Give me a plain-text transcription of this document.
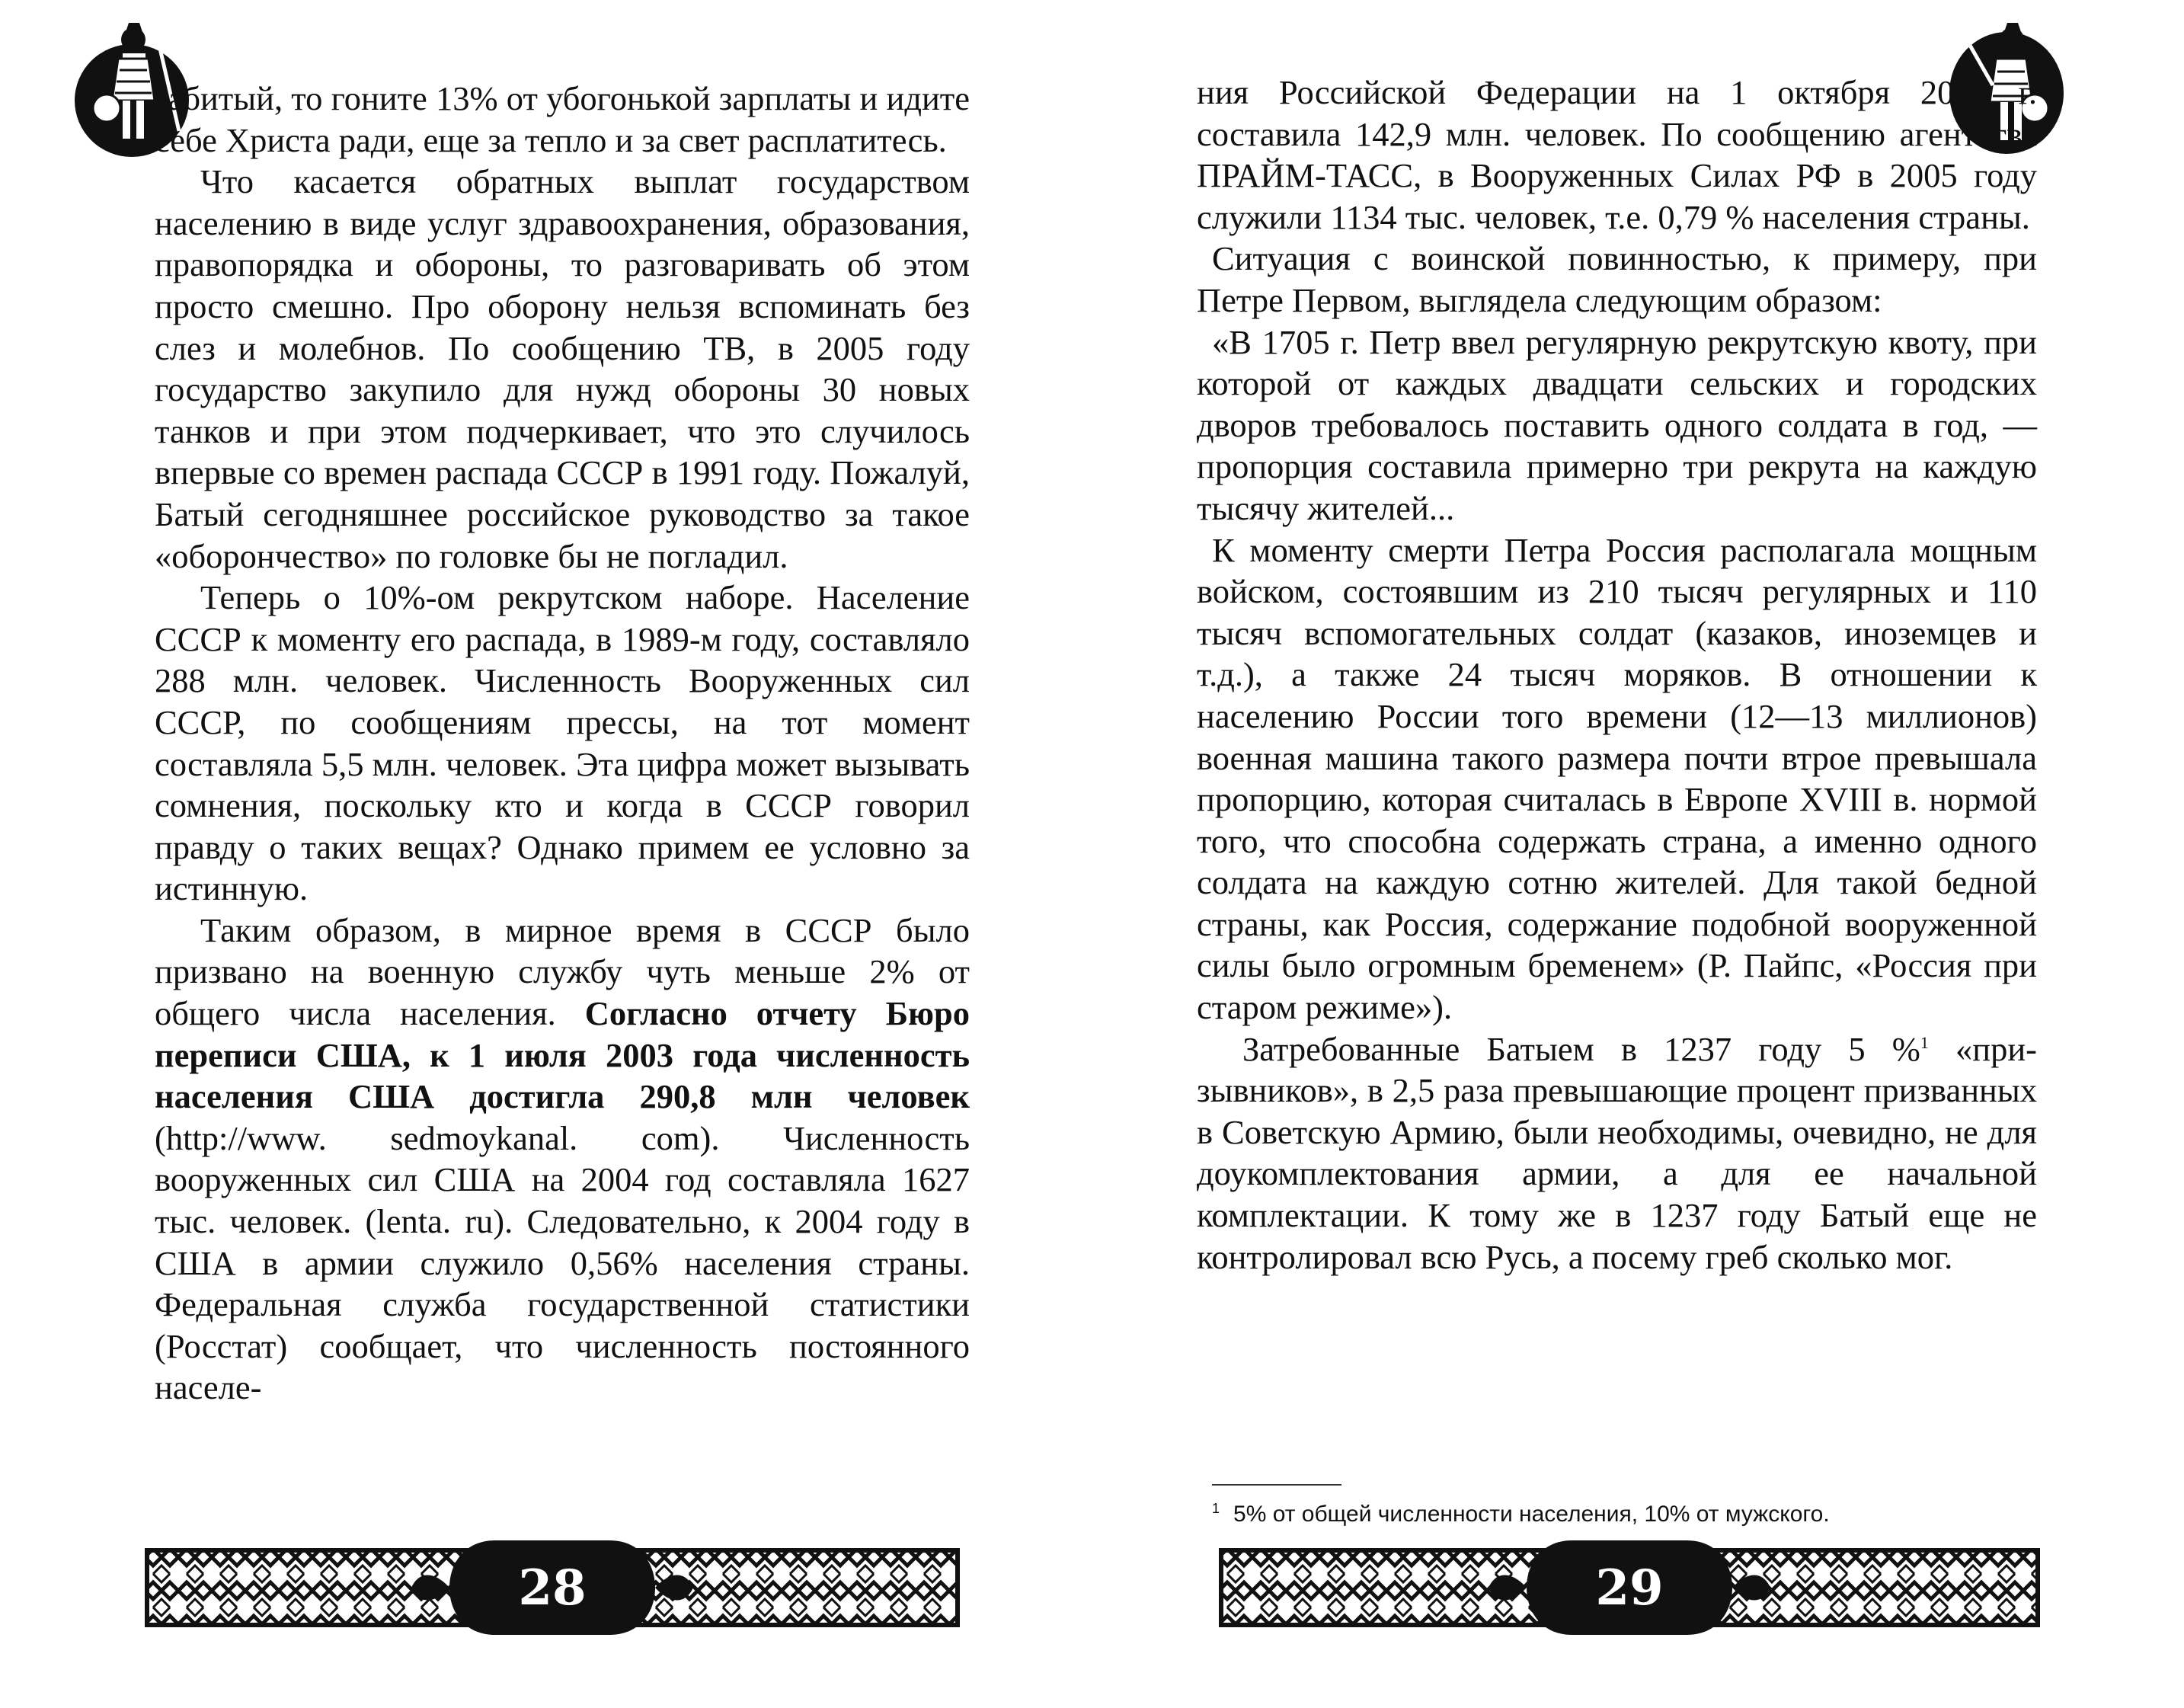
забитый, то гоните 13% от убогонькой зарплаты и идите себе Христа ради, еще за тепло и за свет расплатитесь.

Что касается обратных выплат государством населению в виде услуг здравоохранения, образования, правопорядка и обороны, то разговаривать об этом просто смешно. Про оборону нельзя вспоминать без слез и молебнов. По сообщению ТВ, в 2005 году государство закупило для нужд обороны 30 новых танков и при этом подчеркивает, что это случилось впервые со времен распада СССР в 1991 году. Пожалуй, Батый сегодняшнее российское руководство за такое «оборончество» по головке бы не погладил.

Теперь о 10%-ом рекрутском наборе. Население СССР к моменту его распада, в 1989-м году, составляло 288 млн. человек. Численность Вооруженных сил СССР, по сообщениям прессы, на тот момент составляла 5,5 млн. человек. Эта цифра может вызывать сомнения, поскольку кто и когда в СССР говорил правду о таких вещах? Однако примем ее условно за истинную.

Таким образом, в мирное время в СССР было призвано на военную службу чуть меньше 2% от общего числа населения. Согласно отчету Бюро переписи США, к 1 июля 2003 года численность населения США достигла 290,8 млн человек (http://www. sedmoykanal. com). Численность вооруженных сил США на 2004 год составляла 1627 тыс. человек. (lenta. ru). Следовательно, к 2004 году в США в армии служило 0,56% населения страны. Федеральная служба государственной статистики (Росстат) сообщает, что численность постоянного населе-

28

ния Российской Федерации на 1 октября 2005 г. составила 142,9 млн. человек. По сообщению агентства ПРАЙМ-ТАСС, в Вооруженных Силах РФ в 2005 году служили 1134 тыс. человек, т.е. 0,79 % населения страны.

Ситуация с воинской повинностью, к примеру, при Петре Первом, выглядела следующим образом:

«В 1705 г. Петр ввел регулярную рекрутскую квоту, при которой от каждых двадцати сельских и городских дворов требовалось поставить одного солдата в год, — пропорция составила примерно три рекрута на каждую тысячу жителей...

К моменту смерти Петра Россия располагала мощным войском, состоявшим из 210 тысяч регулярных и 110 тысяч вспомогательных солдат (казаков, иноземцев и т.д.), а также 24 тысяч моряков. В отношении к населению России того времени (12—13 миллионов) военная машина такого размера почти втрое превышала пропорцию, которая считалась в Европе XVIII в. нормой того, что способна содержать страна, а именно одного солдата на каждую сотню жителей. Для такой бедной страны, как Россия, содержание подобной вооруженной силы было огромным бременем» (Р. Пайпс, «Россия при старом режиме»).

Затребованные Батыем в 1237 году 5 %$^1$ «призывников», в 2,5 раза превышающие процент призванных в Советскую Армию, были необходимы, очевидно, не для доукомплектования армии, а для ее начальной комплектации. К тому же в 1237 году Батый еще не контролировал всю Русь, а посему греб сколько мог.

$^1$ 5% от общей численности населения, 10% от мужского.
29
